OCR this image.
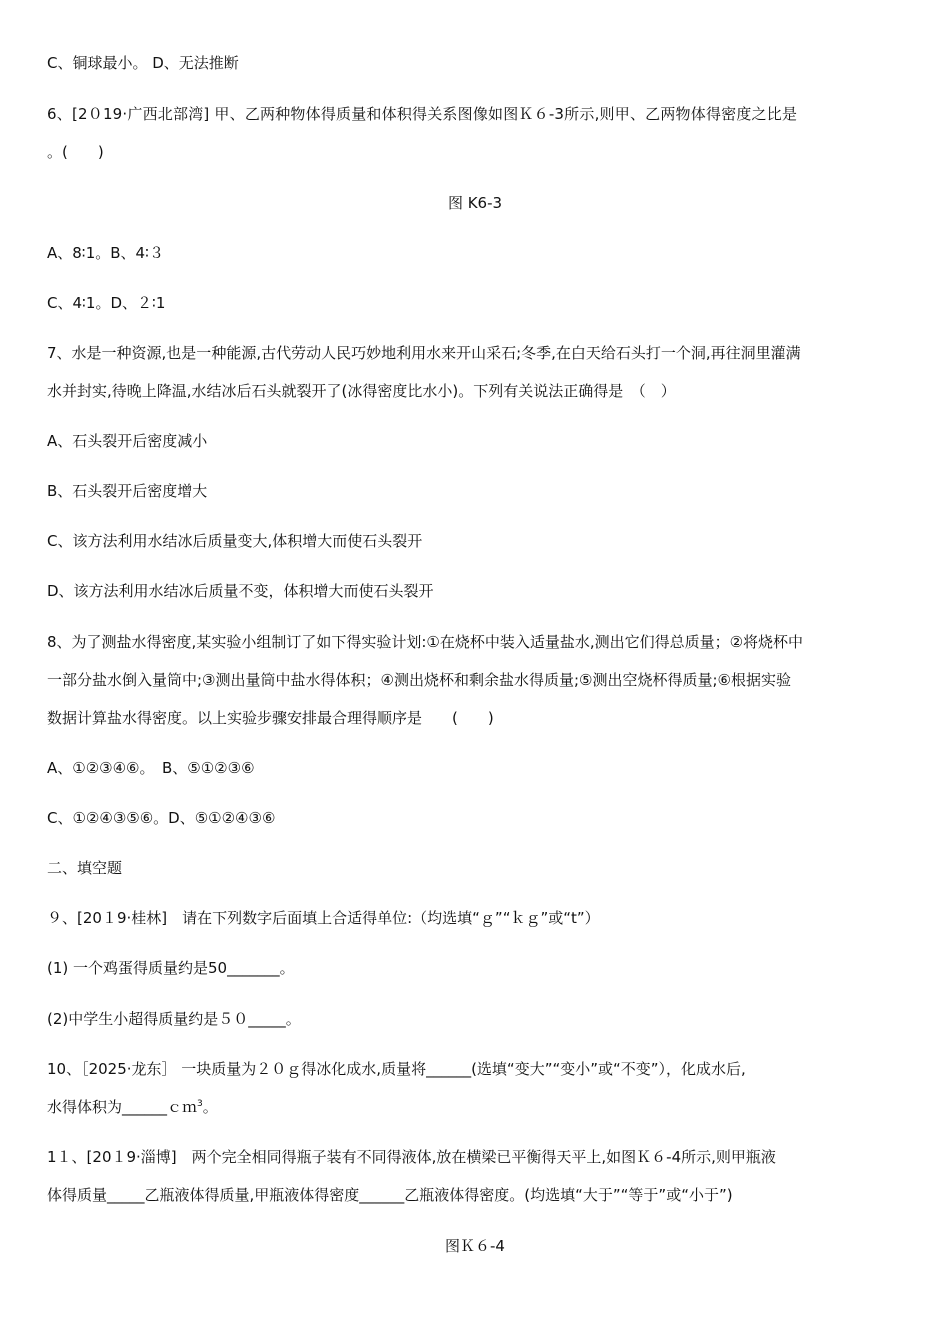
C、铜球最小。 D、无法推断
6、[2０19·广西北部湾] 甲、乙两种物体得质量和体积得关系图像如图Ｋ６-3所示,则甲、乙两物体得密度之比是
。(　　)
图 K6-3
A、8∶1。B、4∶３
C、4∶1。D、２∶1
7、水是一种资源,也是一种能源,古代劳动人民巧妙地利用水来开山采石;冬季,在白天给石头打一个洞,再往洞里灌满
水并封实,待晚上降温,水结冰后石头就裂开了(冰得密度比水小)。下列有关说法正确得是　（　）
A、石头裂开后密度减小
B、石头裂开后密度增大
C、该方法利用水结冰后质量变大,体积增大而使石头裂开
D、该方法利用水结冰后质量不变，体积增大而使石头裂开
8、为了测盐水得密度,某实验小组制订了如下得实验计划:①在烧杯中装入适量盐水,测出它们得总质量；②将烧杯中
一部分盐水倒入量筒中;③测出量筒中盐水得体积；④测出烧杯和剩余盐水得质量;⑤测出空烧杯得质量;⑥根据实验
数据计算盐水得密度。以上实验步骤安排最合理得顺序是　　(　　)
A、①②③④⑥。　B、⑤①②③⑥
C、①②④③⑤⑥。D、⑤①②④③⑥
二、填空题
９、[20１9·桂林]　请在下列数字后面填上合适得单位:（均选填“ｇ”“ｋｇ”或“t”）
(1) 一个鸡蛋得质量约是50_______。
(2)中学生小超得质量约是５０_____。
10、［2025·龙东］ 一块质量为２０ｇ得冰化成水,质量将______(选填“变大”“变小”或“不变”），化成水后,
水得体积为______ｃｍ$^3$。
1１、[20１9·淄博]　两个完全相同得瓶子装有不同得液体,放在横梁已平衡得天平上,如图Ｋ６-4所示,则甲瓶液
体得质量_____乙瓶液体得质量,甲瓶液体得密度______乙瓶液体得密度。(均选填“大于”“等于”或“小于”)
图Ｋ６-4
